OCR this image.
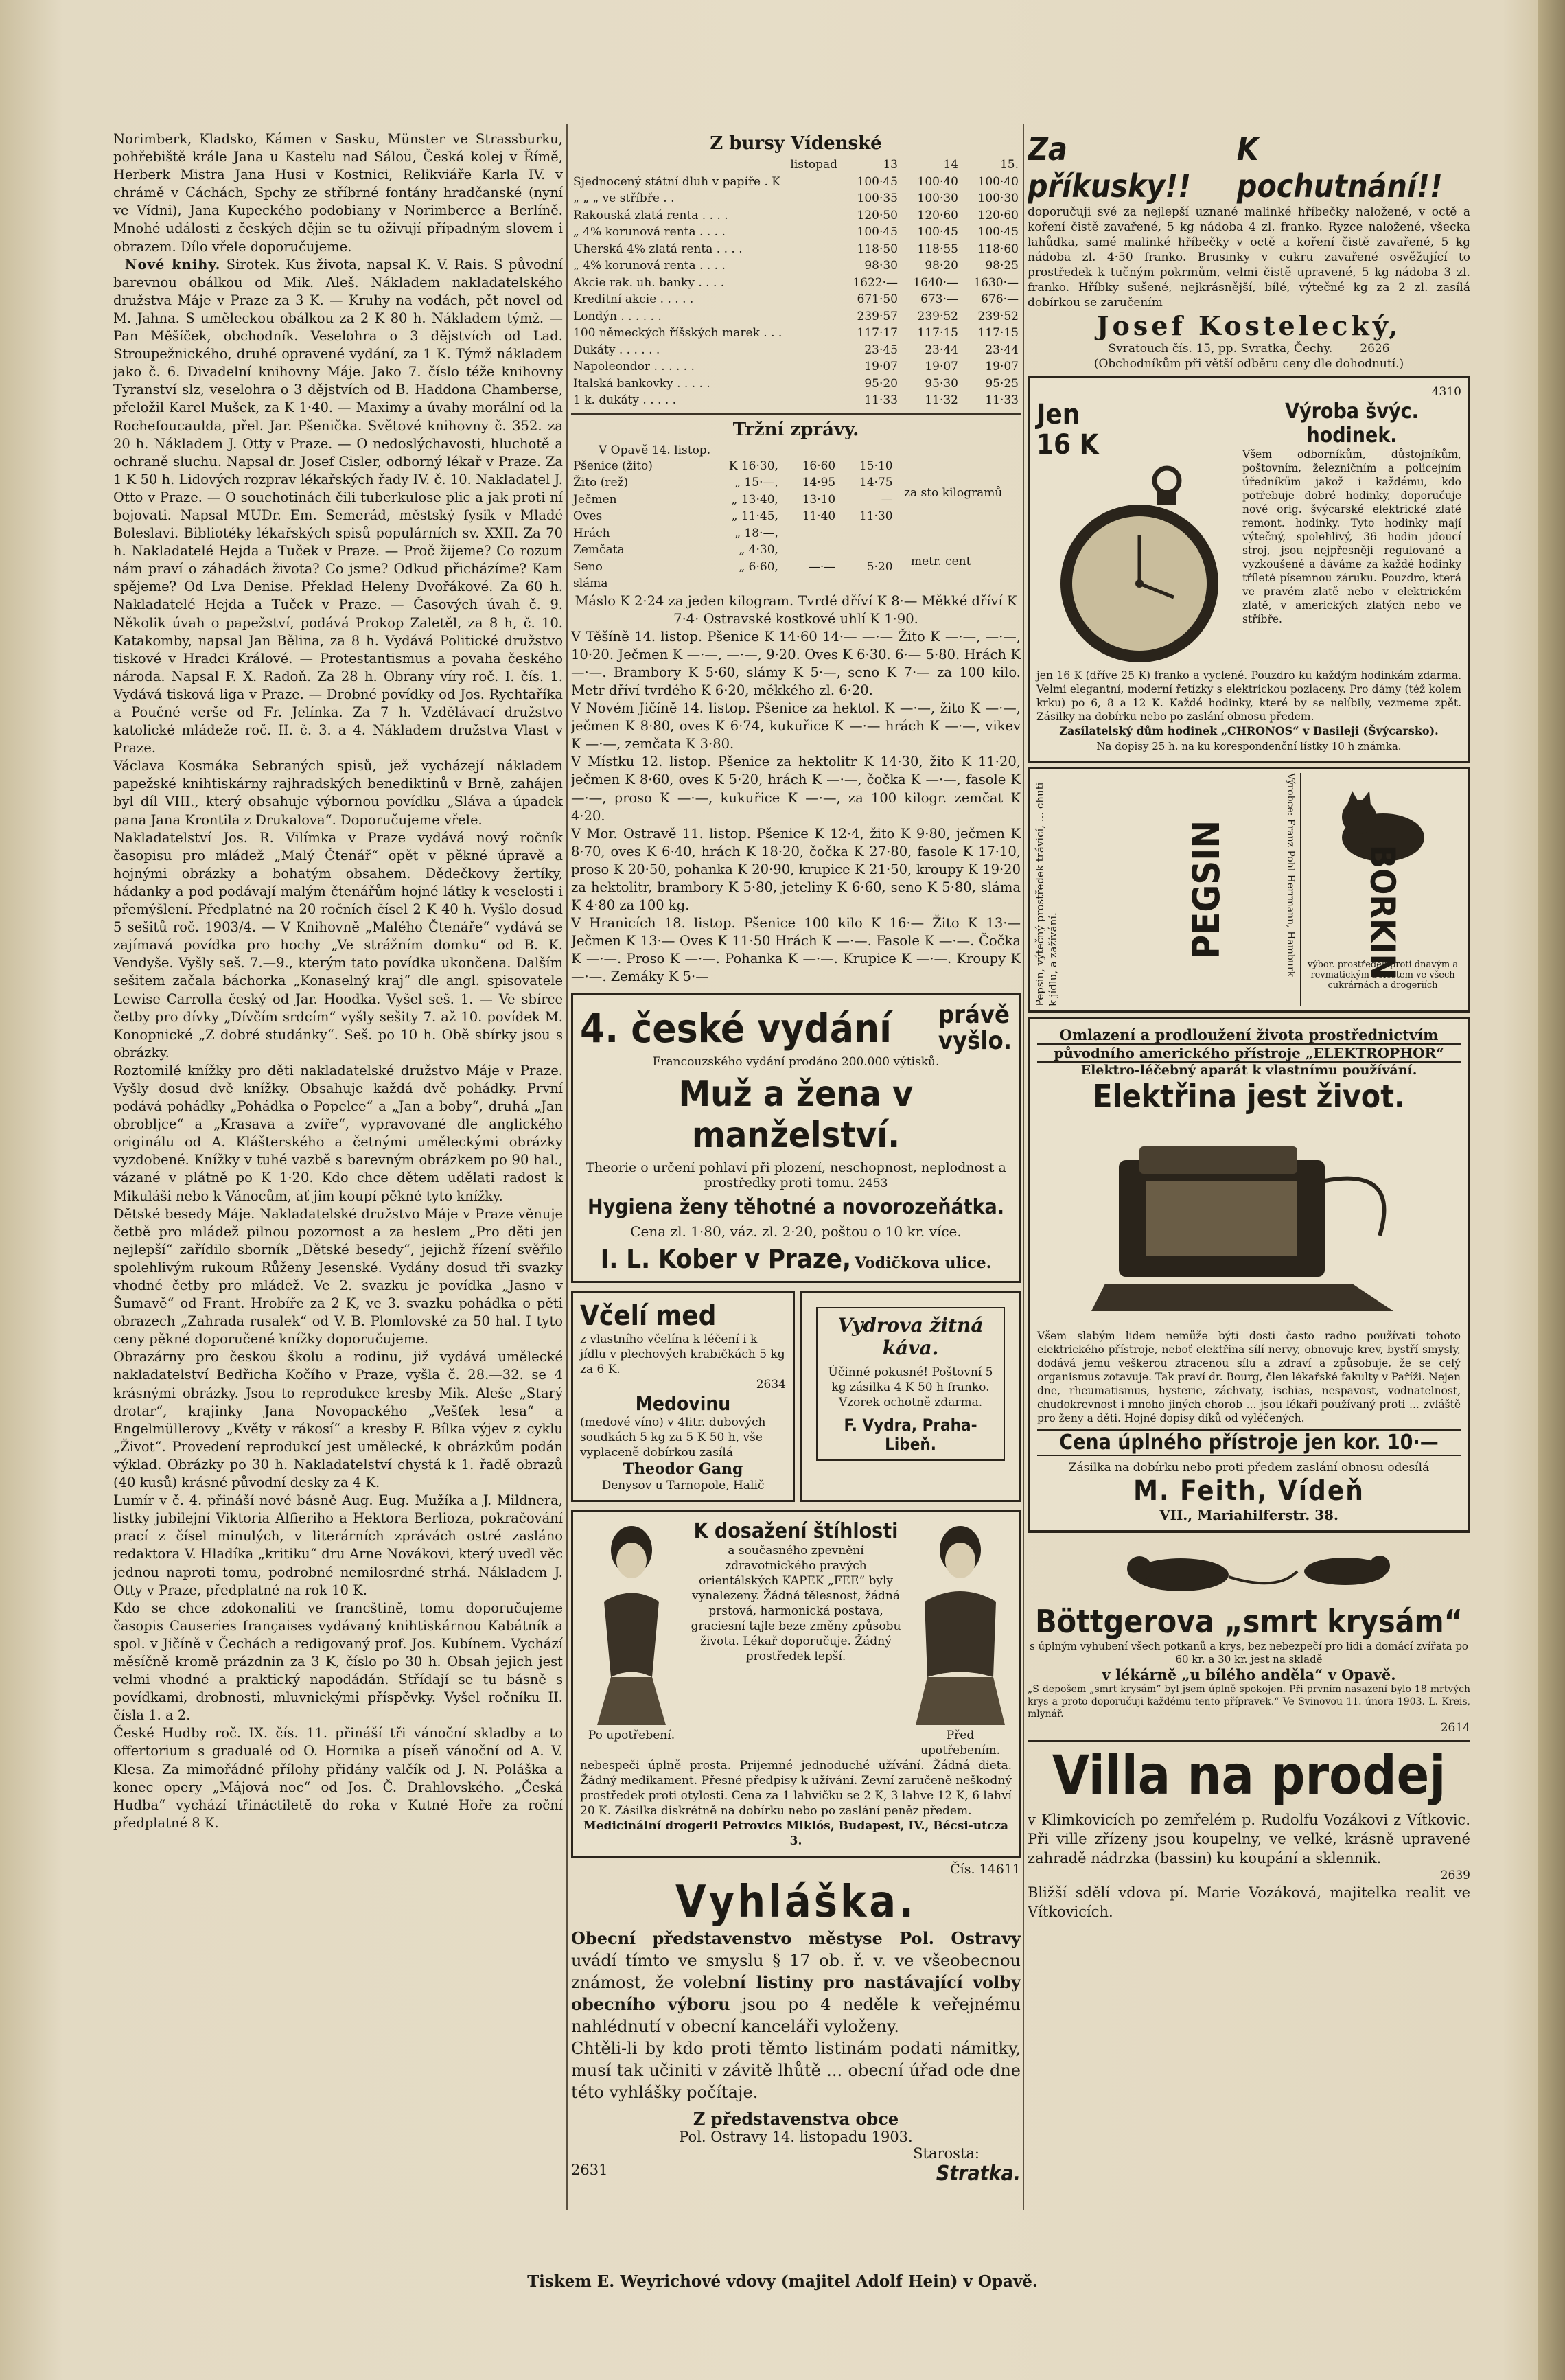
Norimberk, Kladsko, Kámen v Sasku, Münster ve Strassburku, pohřebiště krále Jana u Kastelu nad Sálou, Česká kolej v Římě, Herberk Mistra Jana Husi v Kostnici, Relikviáře Karla IV. v chrámě v Cáchách, Spchy ze stříbrné fontány hradčanské (nyní ve Vídni), Jana Kupeckého podobiany v Norimberce a Berlíně. Mnohé události z českých dějin se tu oživují případným slovem i obrazem. Dílo vřele doporučujeme.

Nové knihy. Sirotek. Kus života, napsal K. V. Rais. S původní barevnou obálkou od Mik. Aleš. Nákladem nakladatelského družstva Máje v Praze za 3 K. — Kruhy na vodách, pět novel od M. Jahna. S uměleckou obálkou za 2 K 80 h. Nákladem týmž. — Pan Měšíček, obchodník. Veselohra o 3 dějstvích od Lad. Stroupežnického, druhé opravené vydání, za 1 K. Týmž nákladem jako č. 6. Divadelní knihovny Máje. Jako 7. číslo téže knihovny Tyranství slz, veselohra o 3 dějstvích od B. Haddona Chamberse, přeložil Karel Mušek, za K 1·40. — Maximy a úvahy morální od la Rochefoucaulda, přel. Jar. Pšeničkа. Světové knihovny č. 352. za 20 h. Nákladem J. Otty v Praze. — O nedoslýchavosti, hluchotě a ochraně sluchu. Napsal dr. Josef Cisler, odborný lékař v Praze. Za 1 K 50 h. Lidových rozprav lékařských řady IV. č. 10. Nakladatel J. Otto v Praze. — O souchotinách čili tuberkulose plic a jak proti ní bojovati. Napsal MUDr. Em. Semerád, městský fysik v Mladé Boleslavi. Bibliotéky lékařských spisů populárních sv. XXII. Za 70 h. Nakladatelé Hejda a Tuček v Praze. — Proč žijeme? Co rozum nám praví o záhadách života? Co jsme? Odkud přicházíme? Kam spějeme? Od Lva Denise. Překlad Heleny Dvořákové. Za 60 h. Nakladatelé Hejda a Tuček v Praze. — Časových úvah č. 9. Několik úvah o papežství, podává Prokop Zaletěl, za 8 h, č. 10. Katakomby, napsal Jan Bělina, za 8 h. Vydává Politické družstvo tiskové v Hradci Králové. — Protestantismus a povaha českého národa. Napsal F. X. Radoň. Za 28 h. Obrany víry roč. I. čís. 1. Vydává tisková liga v Praze. — Drobné povídky od Jos. Rychtaříka a Poučné verše od Fr. Jelínka. Za 7 h. Vzdělávací družstvo katolické mládeže roč. II. č. 3. a 4. Nákladem družstva Vlast v Praze.

Václava Kosmáka Sebraných spisů, jež vycházejí nákladem papežské knihtiskárny rajhradských benediktinů v Brně, zahájen byl díl VIII., který obsahuje výbornou povídku „Sláva a úpadek pana Jana Krontila z Drukalova“. Doporučujeme vřele.

Nakladatelství Jos. R. Vilímka v Praze vydává nový ročník časopisu pro mládež „Malý Čtenář“ opět v pěkné úpravě a hojnými obrázky a bohatým obsahem. Dědečkovy žertíky, hádanky a pod podávají malým čtenářům hojné látky k veselosti i přemýšlení. Předplatné na 20 ročních čísel 2 K 40 h. Vyšlo dosud 5 sešitů roč. 1903/4. — V Knihovně „Malého Čtenáře“ vydává se zajímavá povídka pro hochy „Ve strážním domku“ od B. K. Vendyše. Vyšly seš. 7.—9., kterým tato povídka ukončena. Dalším sešitem začala báchorka „Konaselný kraj“ dle angl. spisovatele Lewise Carrolla český od Jar. Hoodka. Vyšel seš. 1. — Ve sbírce četby pro dívky „Dívčím srdcím“ vyšly sešity 7. až 10. povídek M. Konopnické „Z dobré studánky“. Seš. po 10 h. Obě sbírky jsou s obrázky.

Roztomilé knížky pro děti nakladatelské družstvo Máje v Praze. Vyšly dosud dvě knížky. Obsahuje každá dvě pohádky. První podává pohádky „Pohádka o Popelce“ a „Jan a boby“, druhá „Jan obrobljce“ a „Krasava a zvíře“, vypravované dle anglického originálu od A. Klášterského a četnými uměleckými obrázky vyzdobené. Knížky v tuhé vazbě s barevným obrázkem po 90 hal., vázané v plátně po K 1·20. Kdo chce dětem udělati radost k Mikuláši nebo k Vánocům, ať jim koupí pěkné tyto knížky.

Dětské besedy Máje. Nakladatelské družstvo Máje v Praze věnuje četbě pro mládež pilnou pozornost a za heslem „Pro děti jen nejlepší“ zařídilo sborník „Dětské besedy“, jejichž řízení svěřilo spolehlivým rukoum Růženy Jesenské. Vydány dosud tři svazky vhodné četby pro mládež. Ve 2. svazku je povídka „Jasno v Šumavě“ od Frant. Hrobíře za 2 K, ve 3. svazku pohádka o pěti obrazech „Zahrada rusalek“ od V. B. Plomlovské za 50 hal. I tyto ceny pěkné doporučené knížky doporučujeme.

Obrazárny pro českou školu a rodinu, již vydává umělecké nakladatelství Bedřicha Kočího v Praze, vyšla č. 28.—32. se 4 krásnými obrázky. Jsou to reprodukce kresby Mik. Aleše „Starý drotar“, krajinky Jana Novopackého „Vešťek lesa“ a Engelmüllerovy „Květy v rákosí“ a kresby F. Bílka výjev z cyklu „Život“. Provedení reprodukcí jest umělecké, k obrázkům podán výklad. Obrázky po 30 h. Nakladatelství chystá k 1. řadě obrazů (40 kusů) krásné původní desky za 4 K.

Lumír v č. 4. přináší nové básně Aug. Eug. Mužíka a J. Mildnera, listky jubilejní Viktoria Alfieriho a Hektora Berlioza, pokračování prací z čísel minulých, v literárních zprávách ostré zasláno redaktora V. Hladíka „kritiku“ dru Arne Novákovi, který uvedl věc jednou naproti tomu, podrobné nemilosrdné strhá. Nákladem J. Otty v Praze, předplatné na rok 10 K.

Kdo se chce zdokonaliti ve francštině, tomu doporučujeme časopis Causeries françaises vydávaný knihtiskárnou Kabátník a spol. v Jičíně v Čechách a redigovaný prof. Jos. Kubínem. Vychází měsíčně kromě prázdnin za 3 K, číslo po 30 h. Obsah jejich jest velmi vhodné a praktický napodádán. Střídají se tu básně s povídkami, drobnosti, mluvnickými příspěvky. Vyšel ročníku II. čísla 1. a 2.

České Hudby roč. IX. čís. 11. přináší tři vánoční skladby a to offertorium s gradualé od O. Hornika a píseň vánoční od A. V. Klesa. Za mimořádné přílohy přidány valčík od J. N. Poláška a konec opery „Májová noc“ od Jos. Č. Drahlovského. „Česká Hudba“ vychází třináctiletě do roka v Kutné Hoře za roční předplatné 8 K.

Z bursy Vídenské
listopad	13	14	15.
Sjednocený státní dluh v papíře . K	100·45	100·40	100·40
„ „ „ ve stříbře . .	100·35	100·30	100·30
Rakouská zlatá renta . . . .	120·50	120·60	120·60
„ 4% korunová renta . . . .	100·45	100·45	100·45
Uherská 4% zlatá renta . . . .	118·50	118·55	118·60
„ 4% korunová renta . . . .	98·30	98·20	98·25
Akcie rak. uh. banky . . . .	1622·—	1640·—	1630·—
Kreditní akcie . . . . .	671·50	673·—	676·—
Londýn . . . . . .	239·57	239·52	239·52
100 německých říšských marek . . .	117·17	117·15	117·15
Dukáty . . . . . .	23·45	23·44	23·44
Napoleondor . . . . . .	19·07	19·07	19·07
Italská bankovky . . . . .	95·20	95·30	95·25
1 k. dukáty . . . . .	11·33	11·32	11·33
Tržní zprávy.
V Opavě 14. listop.
Pšenice (žito)	K 16·30,	16·60	15·10
Žito (rež)	„ 15·—,	14·95	14·75
Ječmen	„ 13·40,	13·10	—
Oves	„ 11·45,	11·40	11·30
Hrách	„ 18·—,		
Zemčata	„ 4·30,		
Seno	„ 6·60,	—·—	5·20
sláma			
za sto kilogramů
metr. cent

Máslo K 2·24 za jeden kilogram. Tvrdé dříví K 8·— Měkké dříví K 7·4· Ostravské kostkové uhlí K 1·90.

V Těšíně 14. listop. Pšenice K 14·60 14·— —·— Žito K —·—, —·—, 10·20. Ječmen K —·—, —·—, 9·20. Oves K 6·30. 6·— 5·80. Hrách K —·—. Brambory K 5·60, slámy K 5·—, seno K 7·— za 100 kilo. Metr dříví tvrdého K 6·20, měkkého zl. 6·20.

V Novém Jičíně 14. listop. Pšenice za hektol. K —·—, žito K —·—, ječmen K 8·80, oves K 6·74, kukuřice K —·— hrách K —·—, vikev K —·—, zemčata K 3·80.

V Místku 12. listop. Pšenice za hektolitr K 14·30, žito K 11·20, ječmen K 8·60, oves K 5·20, hrách K —·—, čočka K —·—, fasole K —·—, proso K —·—, kukuřice K —·—, za 100 kilogr. zemčat K 4·20.

V Mor. Ostravě 11. listop. Pšenice K 12·4, žito K 9·80, ječmen K 8·70, oves K 6·40, hrách K 18·20, čočka K 27·80, fasole K 17·10, proso K 20·50, pohanka K 20·90, krupice K 21·50, kroupy K 19·20 za hektolitr, brambory K 5·80, jeteliny K 6·60, seno K 5·80, sláma K 4·80 za 100 kg.

V Hranicích 18. listop. Pšenice 100 kilo K 16·— Žito K 13·— Ječmen K 13·— Oves K 11·50 Hrách K —·—. Fasole K —·—. Čočka K —·—. Proso K —·—. Pohanka K —·—. Krupice K —·—. Kroupy K —·—. Zemáky K 5·—

4. české vydání právě
vyšlo.
Francouzského vydání prodáno 200.000 výtisků.
Muž a žena v manželství.
Theorie o určení pohlaví při plození, neschopnost, neplodnost a prostředky proti tomu. 2453
Hygiena ženy těhotné a novorozeňátka.
Cena zl. 1·80, váz. zl. 2·20, poštou o 10 kr. více.
I. L. Kober v Praze, Vodičkova ulice.
Včelí med
z vlastního včelína k léčení i k jídlu v plechových krabičkách 5 kg za 6 K.
2634
Medovinu
(medové víno) v 4litr. dubových soudkách 5 kg za 5 K 50 h, vše vyplaceně dobírkou zasílá
Theodor Gang
Denysov u Tarnopole, Halič
Vydrova žitná káva.
Účinné pokusné! Poštovní 5 kg zásilka 4 K 50 h franko. Vzorek ochotně zdarma.
F. Vydra, Praha-Libeň.
Po upotřebení.
K dosažení štíhlosti
a současného zpevnění zdravotnického pravých orientálských KAPEK „FEE“ byly vynalezeny. Žádná tělesnost, žádná prstová, harmonická postava, graciesní tajle beze změny způsobu života. Lékař doporučuje. Žádný prostředek lepší.
Před upotřebením.
nebespeči úplně prosta. Prijemné jednoduché užívání. Žádná dieta. Žádný medikament. Přesné předpisy k užívání. Zevní zaručeně neškodný prostředek proti otylosti. Cena za 1 lahvičku se 2 K, 3 lahve 12 K, 6 lahví 20 K. Zásilka diskrétně na dobírku nebo po zaslání peněz předem.
Medicinální drogerii Petrovics Miklós, Budapest, IV., Bécsi-utcza 3.
Čís. 14611
Vyhláška.

Obecní představenstvo městyse Pol. Ostravy uvádí tímto ve smyslu § 17 ob. ř. v. ve všeobecnou známost, že volební listiny pro nastávající volby obecního výboru jsou po 4 neděle k veřejnému nahlédnutí v obecní kanceláři vyloženy.

Chtěli-li by kdo proti těmto listinám podati námitky, musí tak učiniti v závitě lhůtě ... obecní úřad ode dne této vyhlášky počítaje.

Z představenstva obce
Pol. Ostravy 14. listopadu 1903.
Starosta:
2631	Stratka.
Za příkusky!!
K pochutnání!!
doporučuji své za nejlepší uznané malinké hříbečky naložené, v octě a koření čistě zavařené, 5 kg nádoba 4 zl. franko. Ryzce naložené, všecka lahůdka, samé malinké hříbečky v octě a koření čistě zavařené, 5 kg nádoba zl. 4·50 franko. Brusinky v cukru zavařené osvěžující to prostředek k tučným pokrmům, velmi čistě upravené, 5 kg nádoba 3 zl. franko. Hříbky sušené, nejkrásnější, bílé, výtečné kg za 2 zl. zasílá dobírkou se zaručením
Josef Kostelecký,
Svratouch čís. 15, pp. Svratka, Čechy. 2626
(Obchodníkům při větší odběru ceny dle dohodnutí.)
4310
Jen
16 K
Výroba švýc. hodinek.
Všem odborníkům, důstojníkům, poštovním, železničním a policejním úředníkům jakož i každému, kdo potřebuje dobré hodinky, doporučuje nové orig. švýcarské elektrické zlaté remont. hodinky. Tyto hodinky mají výtečný, spolehlivý, 36 hodin jdoucí stroj, jsou nejpřesněji regulované a vyzkoušené a dáváme za každé hodinky tříleté písemnou záruku. Pouzdro, která ve pravém zlatě nebo v elektrickém zlatě, v amerických zlatých nebo ve stříbře.
jen 16 K (dříve 25 K) franko a vyclené. Pouzdro ku každým hodinkám zdarma. Velmi elegantní, moderní řetízky s elektrickou pozlaceny. Pro dámy (též kolem krku) po 6, 8 a 12 K. Každé hodinky, které by se nelíbily, vezmeme zpět. Zásilky na dobírku nebo po zaslání obnosu předem.
Zasílatelský dům hodinek „CHRONOS“ v Basileji (Švýcarsko).
Na dopisy 25 h. na ku korespondenční lístky 10 h známka.
Pepsin, výtečný prostředek trávicí, ... chuti k jídlu, a zažívání.
PEGSIN	Výrobce: Franz Pohl Herrmann, Hamburk BORKIN
výbor. prostředek proti dnavým a revmatickým bolestem ve všech cukrárnách a drogeriích
Omlazení a prodloužení života prostřednictvím
původního amerického přístroje „ELEKTROPHOR“
Elektro-léčebný aparát k vlastnímu používání.
Elektřina jest život.
Všem slabým lidem nemůže býti dosti často radno používati tohoto elektrického přístroje, neboť elektřina sílí nervy, obnovuje krev, bystří smysly, dodává jemu veškerou ztracenou sílu a zdraví a způsobuje, že se celý organismus zotavuje. Tak praví dr. Bourg, člen lékařské fakulty v Paříži. Nejen dne, rheumatismus, hysterie, záchvaty, ischias, nespavost, vodnatelnost, chudokrevnost i mnoho jiných chorob ... jsou lékaři používaný proti ... zvláště pro ženy a děti. Hojné dopisy díků od vyléčených.
Cena úplného přístroje jen kor. 10·—
Zásilka na dobírku nebo proti předem zaslání obnosu odesílá
M. Feith, Vídeň
VII., Mariahilferstr. 38.
Böttgerova „smrt krysám“
s úplným vyhubení všech potkanů a krys, bez nebezpečí pro lidi a domácí zvířata po 60 kr. a 30 kr. jest na skladě
v lékárně „u bílého anděla“ v Opavě.
„S depošem „smrt krysám“ byl jsem úplně spokojen. Při prvním nasazení bylo 18 mrtvých krys a proto doporučuji každému tento přípravek.“ Ve Svinovou 11. února 1903. L. Kreis, mlynář.
2614
Villa na prodej

v Klimkovicích po zemřelém p. Rudolfu Vozákovi z Vítkovic. Při ville zřízeny jsou koupelny, ve velké, krásně upravené zahradě nádrzka (bassin) ku koupání a sklennik.

2639

Bližší sdělí vdova pí. Marie Vozáková, majitelka realit ve Vítkovicích.

Tiskem E. Weyrichové vdovy (majitel Adolf Hein) v Opavě.
